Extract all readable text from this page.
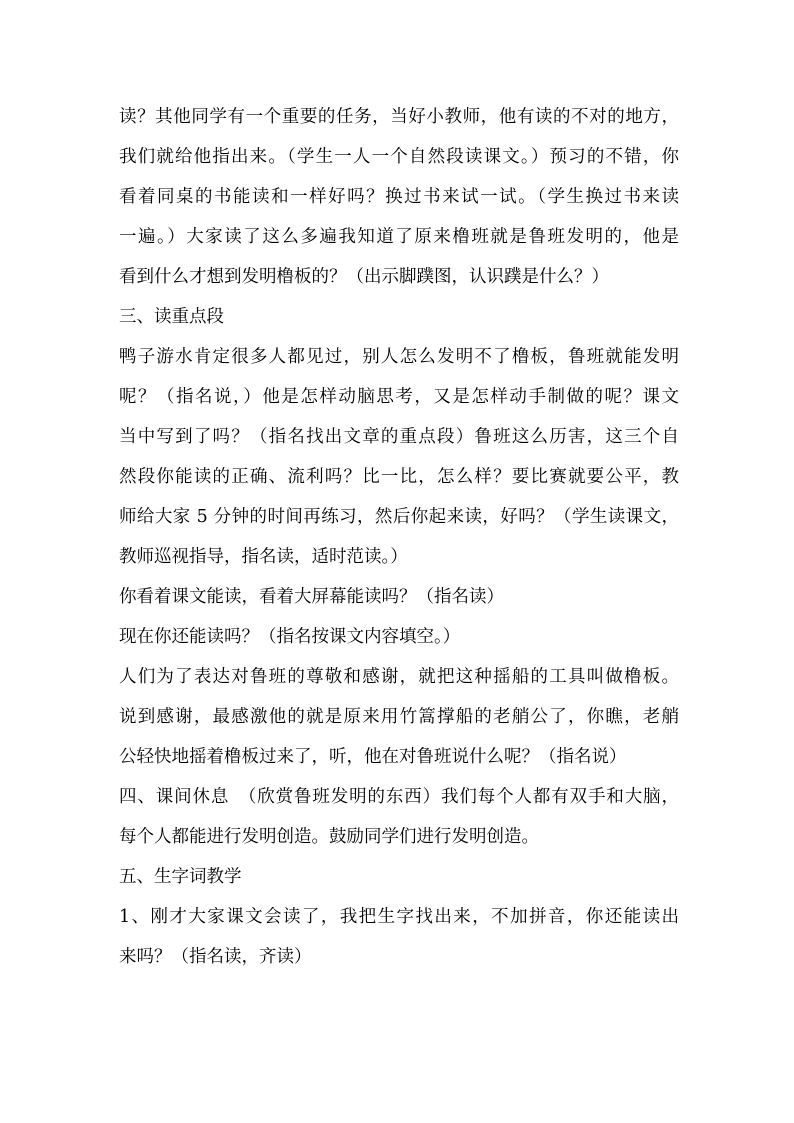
读？其他同学有一个重要的任务，当好小教师，他有读的不对的地方，
我们就给他指出来。（学生一人一个自然段读课文。）预习的不错，你
看着同桌的书能读和一样好吗？换过书来试一试。（学生换过书来读
一遍。）大家读了这么多遍我知道了原来橹班就是鲁班发明的，他是
看到什么才想到发明橹板的？（出示脚蹼图，认识蹼是什么？）
三、读重点段
鸭子游水肯定很多人都见过，别人怎么发明不了橹板，鲁班就能发明
呢？（指名说，）他是怎样动脑思考，又是怎样动手制做的呢？课文
当中写到了吗？（指名找出文章的重点段）鲁班这么历害，这三个自
然段你能读的正确、流利吗？比一比，怎么样？要比赛就要公平，教
师给大家 5 分钟的时间再练习，然后你起来读，好吗？（学生读课文，
教师巡视指导，指名读，适时范读。）
你看着课文能读，看着大屏幕能读吗？（指名读）
现在你还能读吗？（指名按课文内容填空。）
人们为了表达对鲁班的尊敬和感谢，就把这种摇船的工具叫做橹板。
说到感谢，最感激他的就是原来用竹篙撑船的老艄公了，你瞧，老艄
公轻快地摇着橹板过来了，听，他在对鲁班说什么呢？（指名说）
四、课间休息　（欣赏鲁班发明的东西）我们每个人都有双手和大脑，
每个人都能进行发明创造。鼓励同学们进行发明创造。
五、生字词教学
1、刚才大家课文会读了，我把生字找出来，不加拼音，你还能读出
来吗？（指名读，齐读）
